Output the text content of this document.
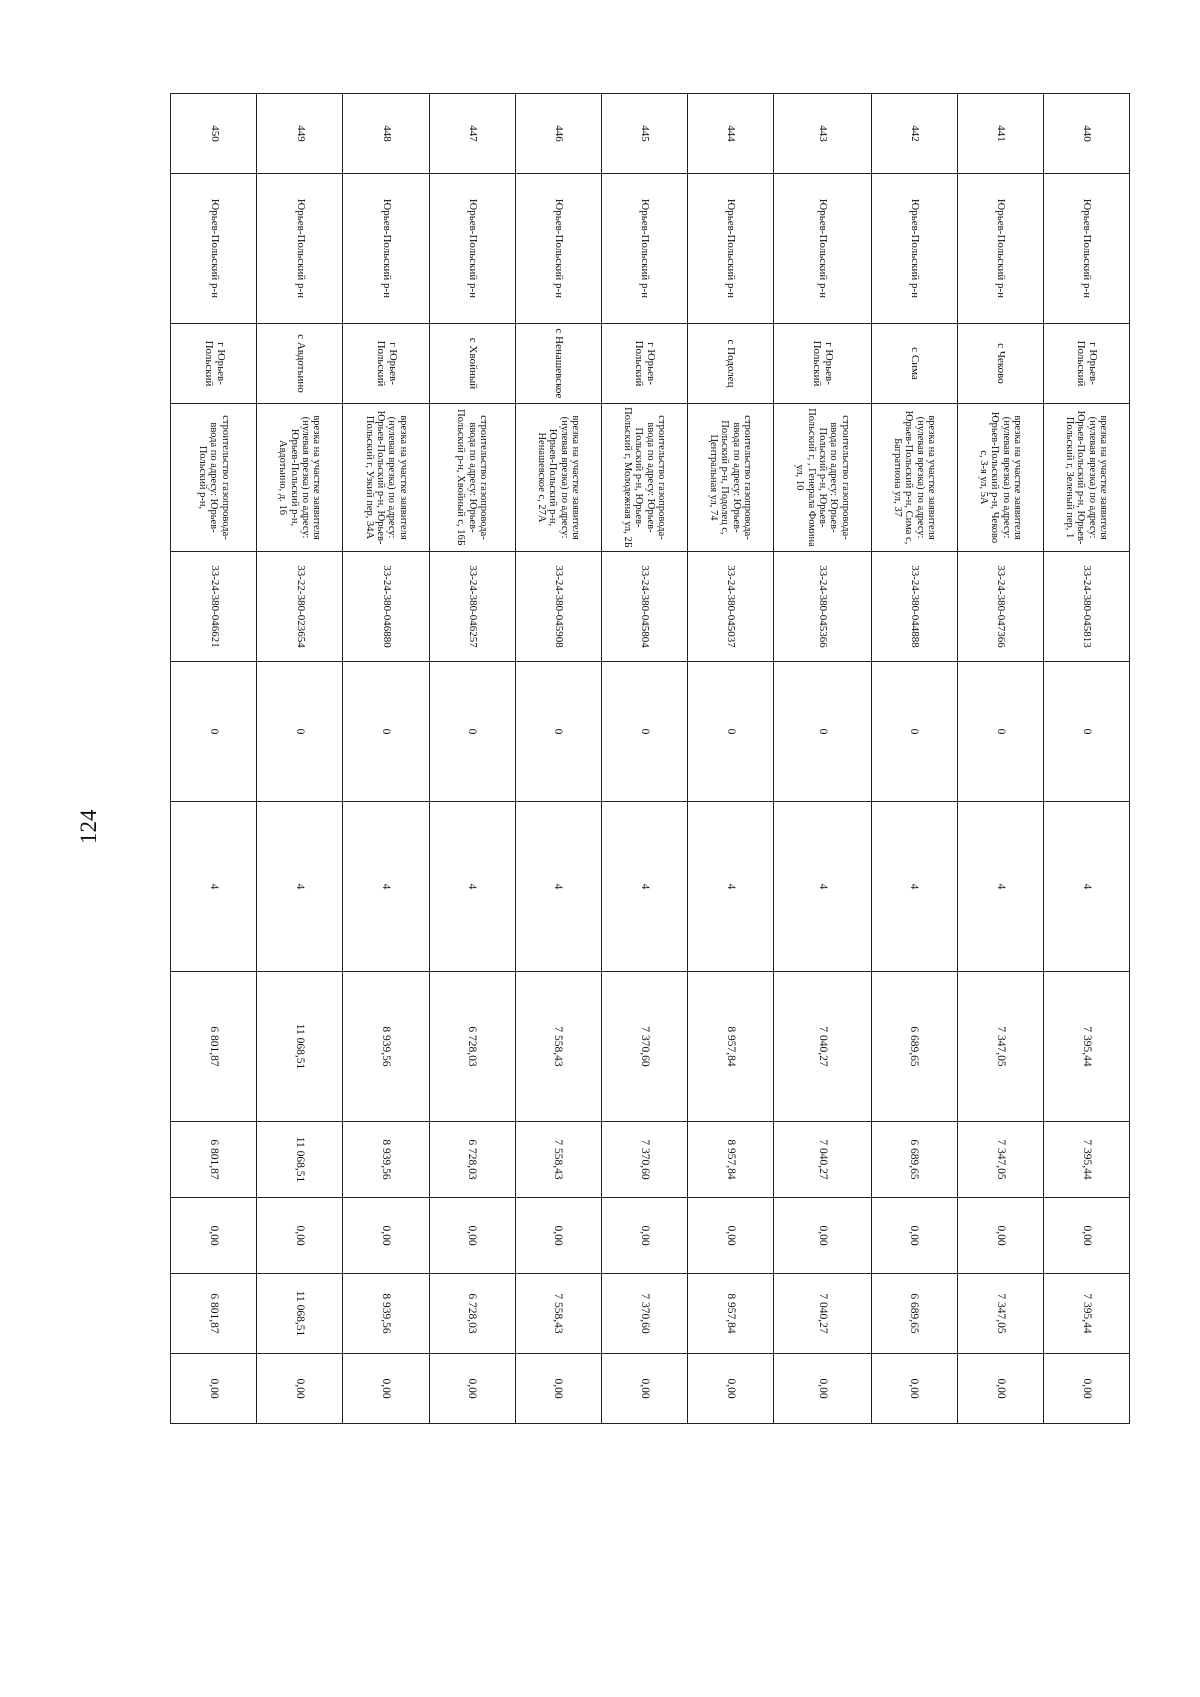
124
440	Юрьев-Польский р-н	г Юрьев-Польский	врезка на участке заявителя (нулевая врезка) по адресу: Юрьев-Польский р-н, Юрьев-Польский г, Зеленый пер, 1	33-24-380-045813	0	4	7 395,44	7 395,44	0,00	7 395,44	0,00	
441	Юрьев-Польский р-н	с Чеково	врезка на участке заявителя (нулевая врезка) по адресу: Юрьев-Польский р-н, Чеково с, 3-я ул, 5А	33-24-380-047366	0	4	7 347,05	7 347,05	0,00	7 347,05	0,00	
442	Юрьев-Польский р-н	с Сима	врезка на участке заявителя (нулевая врезка) по адресу: Юрьев-Польский р-н, Сима с, Багратиона ул, 37	33-24-380-044888	0	4	6 689,65	6 689,65	0,00	6 689,65	0,00	
443	Юрьев-Польский р-н	г Юрьев-Польский	строительство газопровода-ввода по адресу: Юрьев-Польский р-н, Юрьев-Польский г, , Генерала Фомина ул, 10	33-24-380-045366	0	4	7 040,27	7 040,27	0,00	7 040,27	0,00	
444	Юрьев-Польский р-н	с Подолец	строительство газопровода-ввода по адресу: Юрьев-Польский р-н, Подолец с, Центральная ул, 74	33-24-380-045037	0	4	8 957,84	8 957,84	0,00	8 957,84	0,00	
445	Юрьев-Польский р-н	г Юрьев-Польский	строительство газопровода-ввода по адресу: Юрьев-Польский р-н, Юрьев-Польский г, Молодежная ул, 2Б	33-24-380-045804	0	4	7 370,60	7 370,60	0,00	7 370,60	0,00	
446	Юрьев-Польский р-н	с Ненашевское	врезка на участке заявителя (нулевая врезка) по адресу: Юрьев-Польский р-н, Ненашевское с, 27А	33-24-380-045908	0	4	7 558,43	7 558,43	0,00	7 558,43	0,00	
447	Юрьев-Польский р-н	с Хвойный	строительство газопровода-ввода по адресу: Юрьев-Польский р-н, Хвойный с, 16Б	33-24-380-046257	0	4	6 728,03	6 728,03	0,00	6 728,03	0,00	
448	Юрьев-Польский р-н	г Юрьев-Польский	врезка на участке заявителя (нулевая врезка) по адресу: Юрьев-Польский р-н, Юрьев-Польский г, Узкий пер, 34А	33-24-380-046880	0	4	8 939,56	8 939,56	0,00	8 939,56	0,00	
449	Юрьев-Польский р-н	с Авдотьино	врезка на участке заявителя (нулевая врезка) по адресу: Юрьев-Польский р-н, Авдотьино, д. 16	33-22-380-023654	0	4	11 068,51	11 068,51	0,00	11 068,51	0,00	
450	Юрьев-Польский р-н	г Юрьев-Польский	строительство газопровода-ввода по адресу: Юрьев-Польский р-н,	33-24-380-046621	0	4	6 801,87	6 801,87	0,00	6 801,87	0,00	
